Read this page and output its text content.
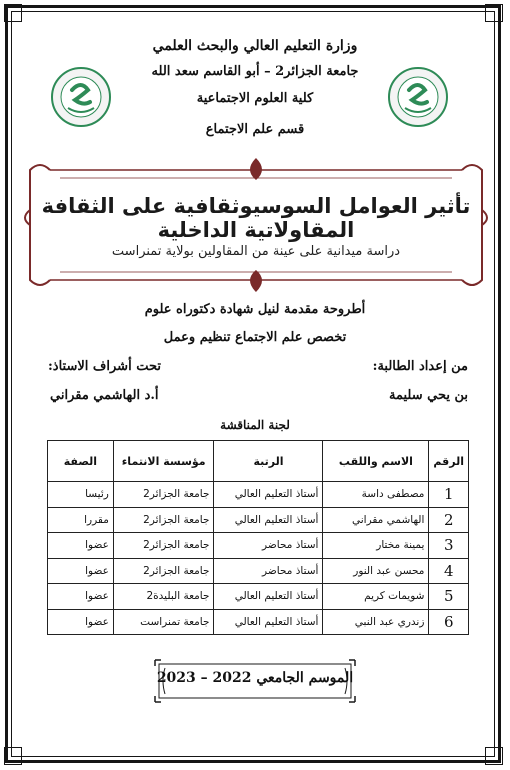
وزارة التعليم العالي والبحث العلمي
جامعة الجزائر2 – أبو القاسم سعد الله
كلية العلوم الاجتماعية
قسم علم الاجتماع
تأثير العوامل السوسيوثقافية على الثقافة المقاولاتية الداخلية
دراسة ميدانية على عينة من المقاولين بولاية تمنراست
أطروحة مقدمة لنيل شهادة دكتوراه علوم
تخصص علم الاجتماع تنظيم وعمل
من إعداد الطالبة:
بن يحي سليمة
تحت أشراف الاستاذ:
أ.د الهاشمي مقراني
لجنة المناقشة
الرقم	الاسم واللقب	الرتبة	مؤسسة الانتماء	الصفة
1	مصطفى داسة	أستاذ التعليم العالي	جامعة الجزائر2	رئيسا
2	الهاشمي مقراني	أستاذ التعليم العالي	جامعة الجزائر2	مقررا
3	يمينة مختار	أستاذ محاضر	جامعة الجزائر2	عضوا
4	محسن عبد النور	أستاذ محاضر	جامعة الجزائر2	عضوا
5	شويمات كريم	أستاذ التعليم العالي	جامعة البليدة2	عضوا
6	زندري عبد النبي	أستاذ التعليم العالي	جامعة تمنراست	عضوا
الموسم الجامعي 2022 – 2023
